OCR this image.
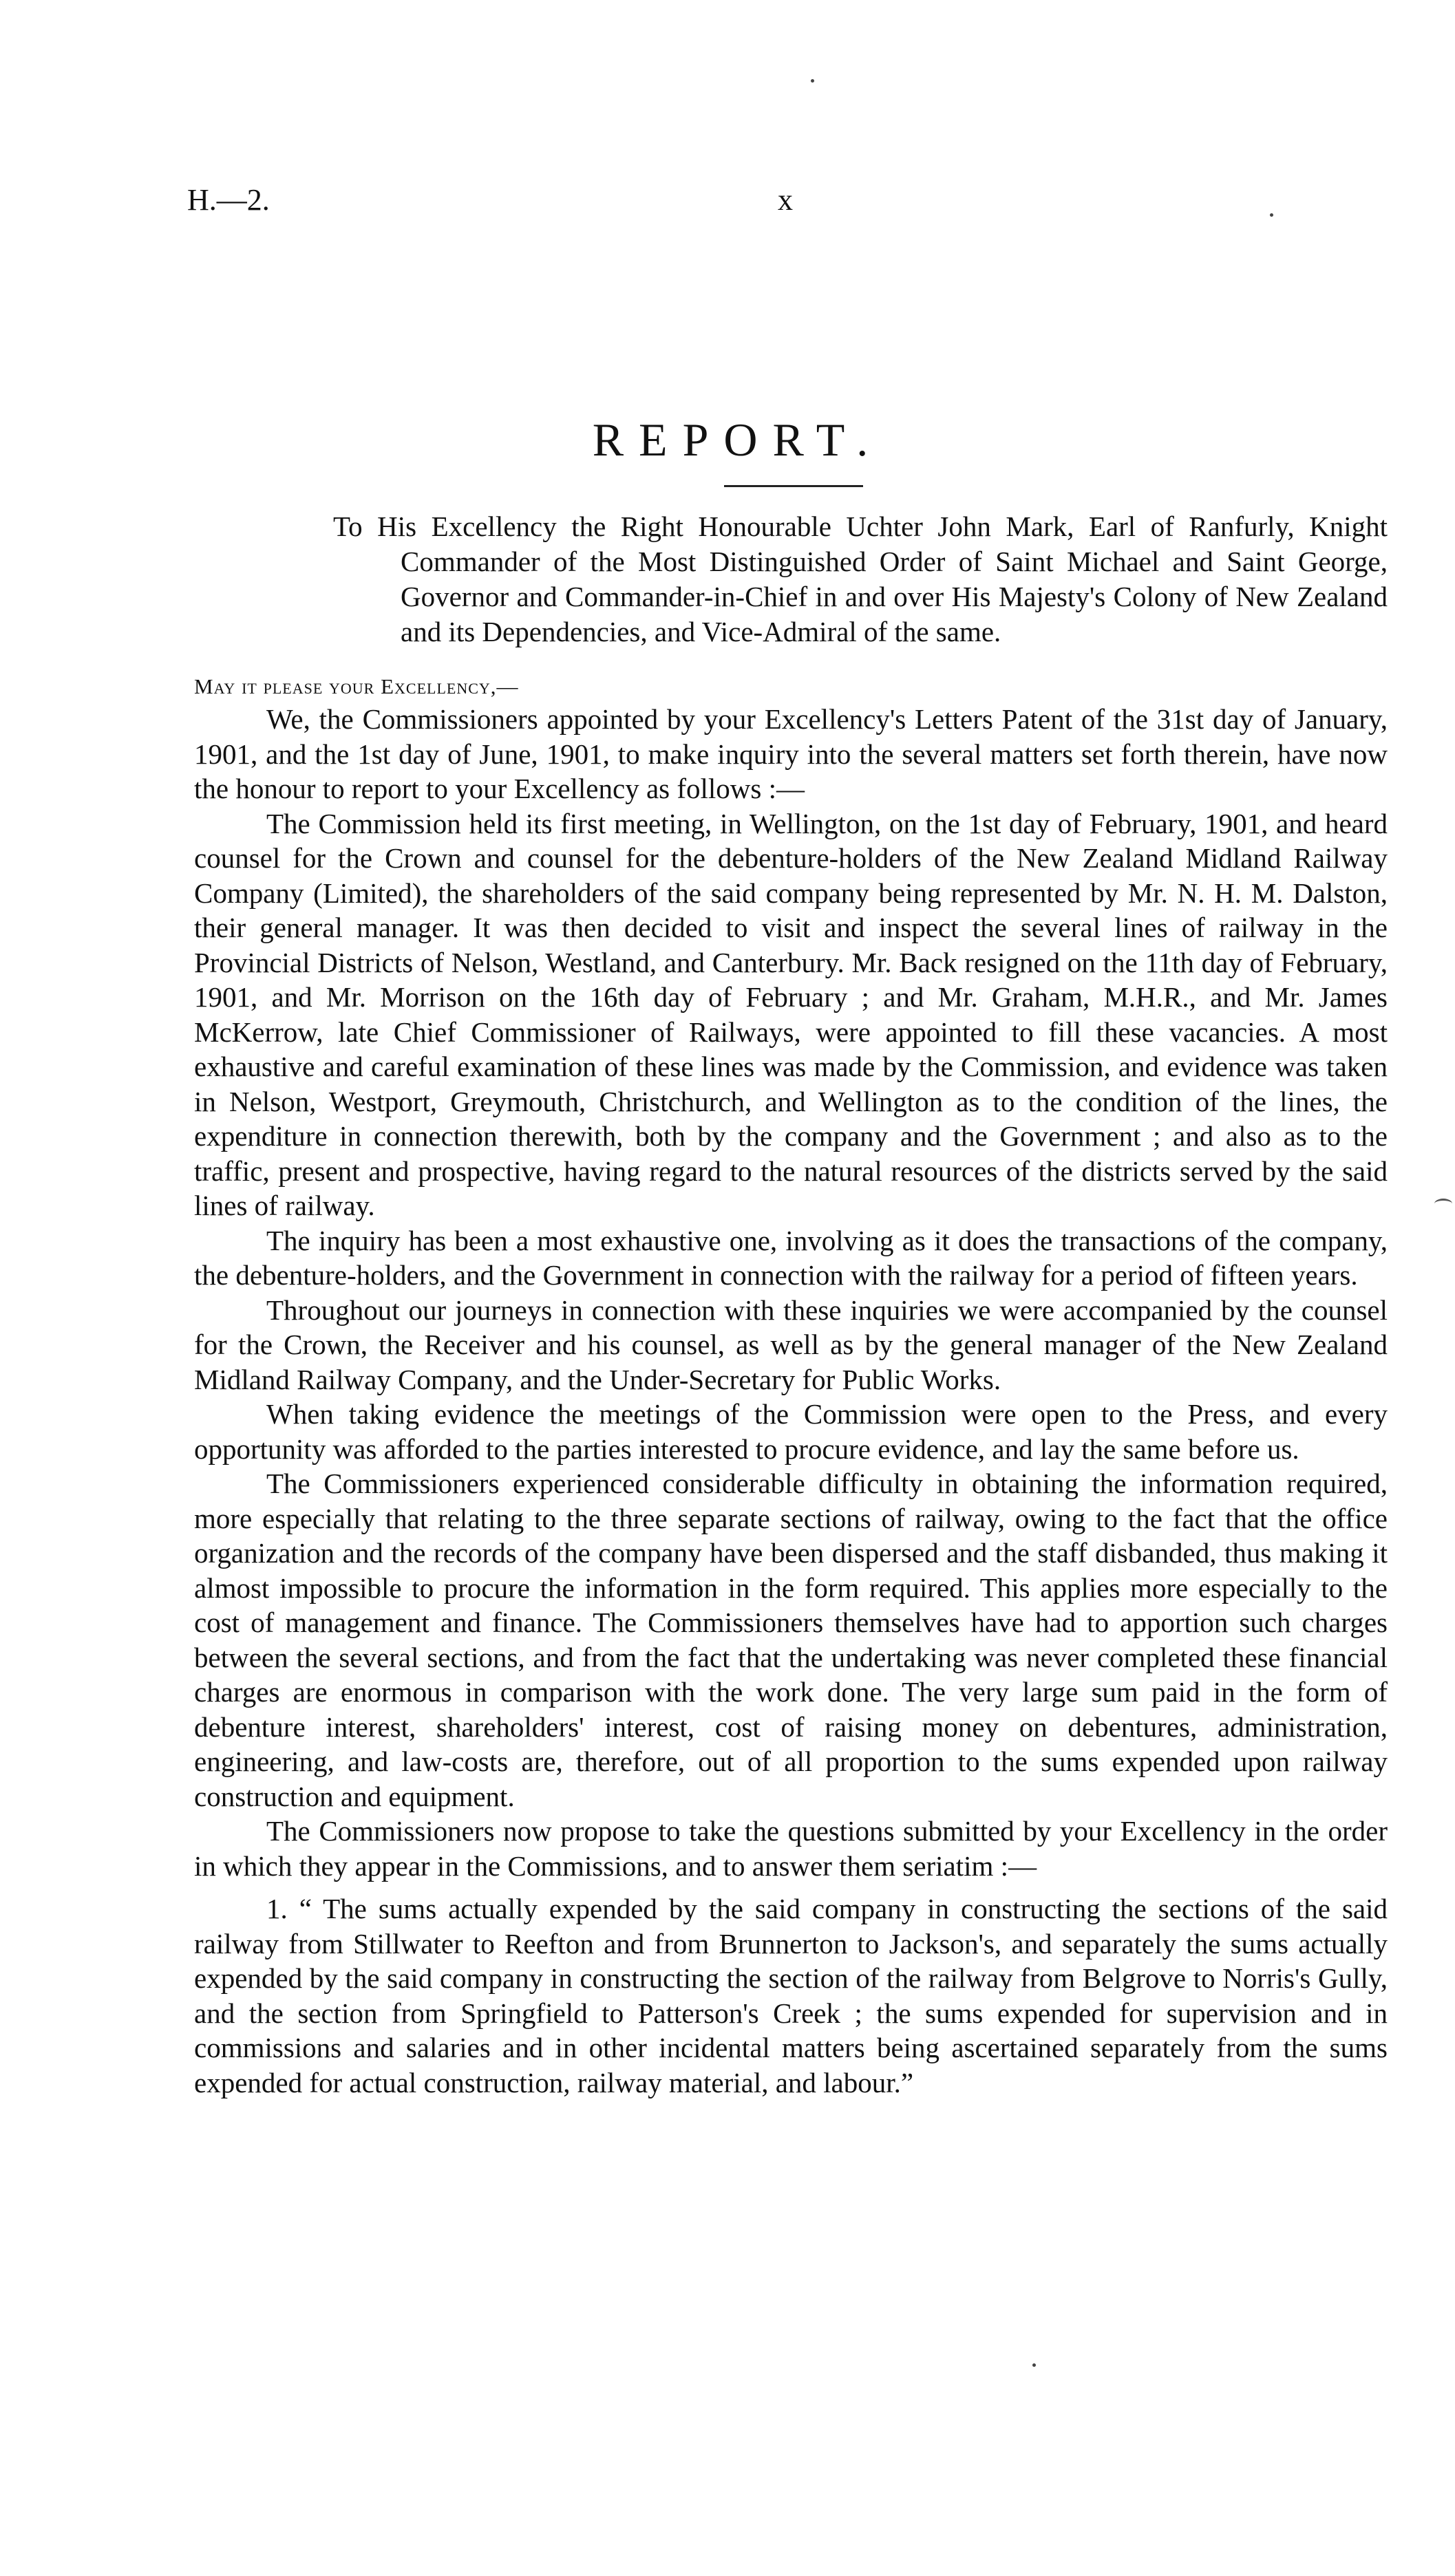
H.—2.	x
REPORT.
To His Excellency the Right Honourable Uchter John Mark, Earl of Ranfurly, Knight Commander of the Most Distinguished Order of Saint Michael and Saint George, Governor and Commander-in-Chief in and over His Majesty's Colony of New Zealand and its Dependencies, and Vice-Admiral of the same.
May it please your Excellency,—

We, the Commissioners appointed by your Excellency's Letters Patent of the 31st day of January, 1901, and the 1st day of June, 1901, to make inquiry into the several matters set forth therein, have now the honour to report to your Excellency as follows :—

The Commission held its first meeting, in Wellington, on the 1st day of February, 1901, and heard counsel for the Crown and counsel for the debenture-holders of the New Zealand Midland Railway Company (Limited), the shareholders of the said company being represented by Mr. N. H. M. Dalston, their general manager. It was then decided to visit and inspect the several lines of railway in the Provincial Districts of Nelson, Westland, and Canterbury. Mr. Back resigned on the 11th day of February, 1901, and Mr. Morrison on the 16th day of February ; and Mr. Graham, M.H.R., and Mr. James McKerrow, late Chief Commissioner of Railways, were appointed to fill these vacancies. A most exhaustive and careful examination of these lines was made by the Commission, and evidence was taken in Nelson, Westport, Greymouth, Christchurch, and Wellington as to the condition of the lines, the expenditure in connection therewith, both by the company and the Government ; and also as to the traffic, present and prospective, having regard to the natural resources of the districts served by the said lines of railway.

The inquiry has been a most exhaustive one, involving as it does the transactions of the company, the debenture-holders, and the Government in connection with the railway for a period of fifteen years.

Throughout our journeys in connection with these inquiries we were accompanied by the counsel for the Crown, the Receiver and his counsel, as well as by the general manager of the New Zealand Midland Railway Company, and the Under-Secretary for Public Works.

When taking evidence the meetings of the Commission were open to the Press, and every opportunity was afforded to the parties interested to procure evidence, and lay the same before us.

The Commissioners experienced considerable difficulty in obtaining the information required, more especially that relating to the three separate sections of railway, owing to the fact that the office organization and the records of the company have been dispersed and the staff disbanded, thus making it almost impossible to procure the information in the form required. This applies more especially to the cost of management and finance. The Commissioners themselves have had to apportion such charges between the several sections, and from the fact that the undertaking was never completed these financial charges are enormous in comparison with the work done. The very large sum paid in the form of debenture interest, shareholders' interest, cost of raising money on debentures, administration, engineering, and law-costs are, therefore, out of all proportion to the sums expended upon railway construction and equipment.

The Commissioners now propose to take the questions submitted by your Excellency in the order in which they appear in the Commissions, and to answer them seriatim :—

1. “ The sums actually expended by the said company in constructing the sections of the said railway from Stillwater to Reefton and from Brunnerton to Jackson's, and separately the sums actually expended by the said company in constructing the section of the railway from Belgrove to Norris's Gully, and the section from Springfield to Patterson's Creek ; the sums expended for supervision and in commissions and salaries and in other incidental matters being ascertained separately from the sums expended for actual construction, railway material, and labour.”
